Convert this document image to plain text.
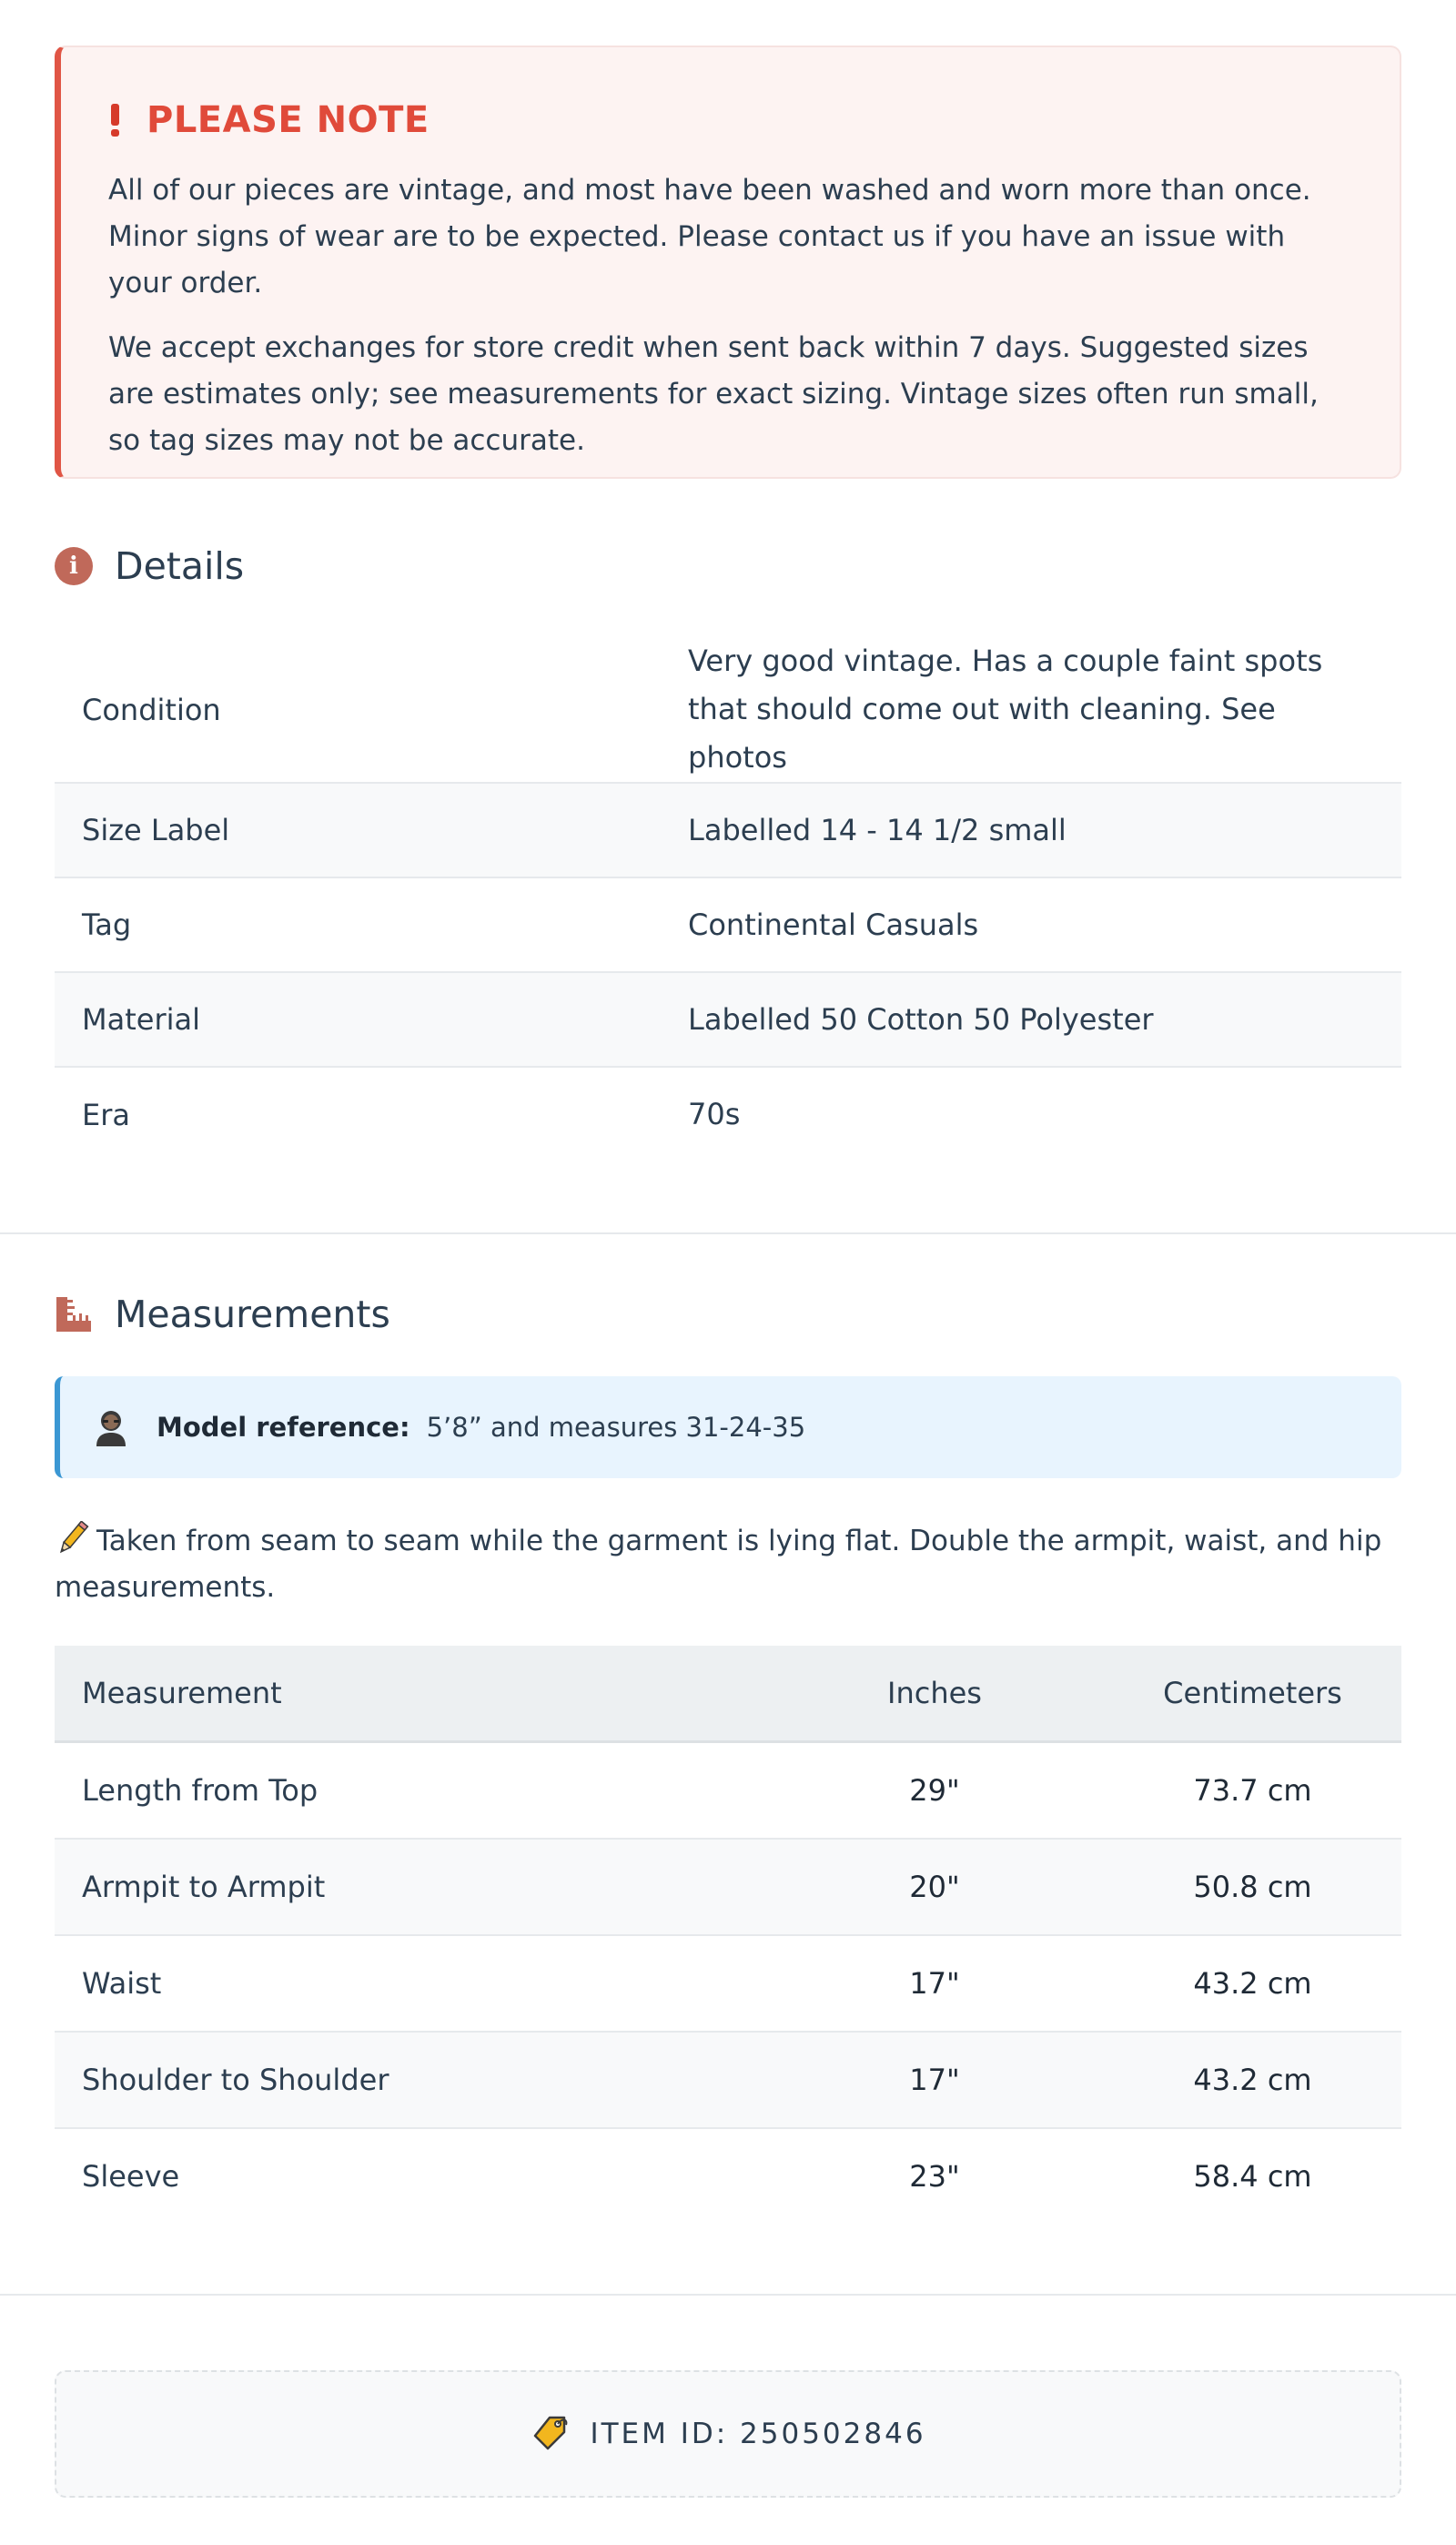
PLEASE NOTE

All of our pieces are vintage, and most have been washed and worn more than once. Minor signs of wear are to be expected. Please contact us if you have an issue with your order.

We accept exchanges for store credit when sent back within 7 days. Suggested sizes are estimates only; see measurements for exact sizing. Vintage sizes often run small, so tag sizes may not be accurate.

i Details
Condition	Very good vintage. Has a couple faint spots that should come out with cleaning. See photos
Size Label	Labelled 14 - 14 1/2 small
Tag	Continental Casuals
Material	Labelled 50 Cotton 50 Polyester
Era	70s
Measurements
Model reference: 5’8” and measures 31-24-35
Taken from seam to seam while the garment is lying flat. Double the armpit, waist, and hip measurements.
Measurement	Inches	Centimeters
Length from Top	29"	73.7 cm
Armpit to Armpit	20"	50.8 cm
Waist	17"	43.2 cm
Shoulder to Shoulder	17"	43.2 cm
Sleeve	23"	58.4 cm
ITEM ID: 250502846
